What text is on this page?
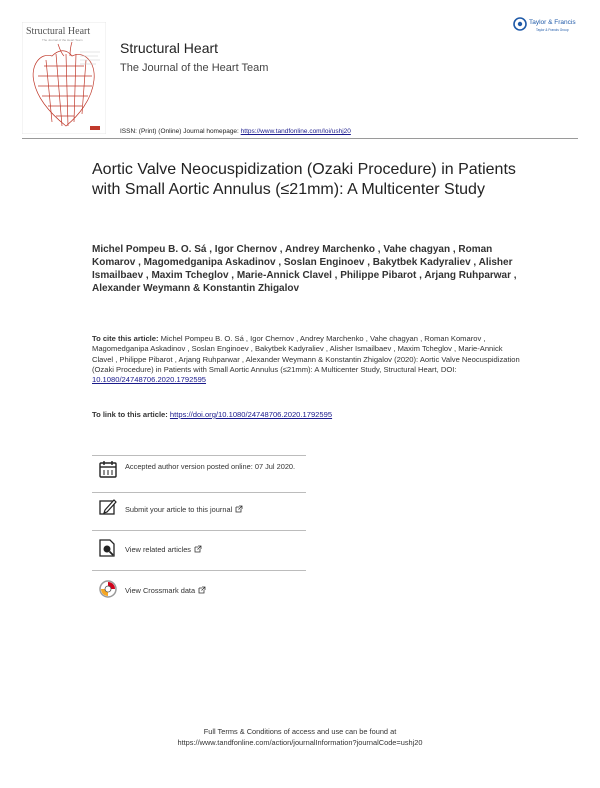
Structural Heart
The Journal of the Heart Team	Structural Heart
The Journal of the Heart Team
Taylor & Francis
Taylor & Francis Group
ISSN: (Print) (Online) Journal homepage: https://www.tandfonline.com/loi/ushj20
Aortic Valve Neocuspidization (Ozaki Procedure) in Patients with Small Aortic Annulus (≤21mm): A Multicenter Study
Michel Pompeu B. O. Sá , Igor Chernov , Andrey Marchenko , Vahe chagyan , Roman Komarov , Magomedganipa Askadinov , Soslan Enginoev , Bakytbek Kadyraliev , Alisher Ismailbaev , Maxim Tcheglov , Marie-Annick Clavel , Philippe Pibarot , Arjang Ruhparwar , Alexander Weymann & Konstantin Zhigalov
To cite this article: Michel Pompeu B. O. Sá , Igor Chernov , Andrey Marchenko , Vahe chagyan , Roman Komarov , Magomedganipa Askadinov , Soslan Enginoev , Bakytbek Kadyraliev , Alisher Ismailbaev , Maxim Tcheglov , Marie-Annick Clavel , Philippe Pibarot , Arjang Ruhparwar , Alexander Weymann & Konstantin Zhigalov (2020): Aortic Valve Neocuspidization (Ozaki Procedure) in Patients with Small Aortic Annulus (≤21mm): A Multicenter Study, Structural Heart, DOI: 10.1080/24748706.2020.1792595
To link to this article: https://doi.org/10.1080/24748706.2020.1792595
Accepted author version posted online: 07 Jul 2020.
Submit your article to this journal
View related articles
View Crossmark data
Full Terms & Conditions of access and use can be found at
https://www.tandfonline.com/action/journalInformation?journalCode=ushj20
